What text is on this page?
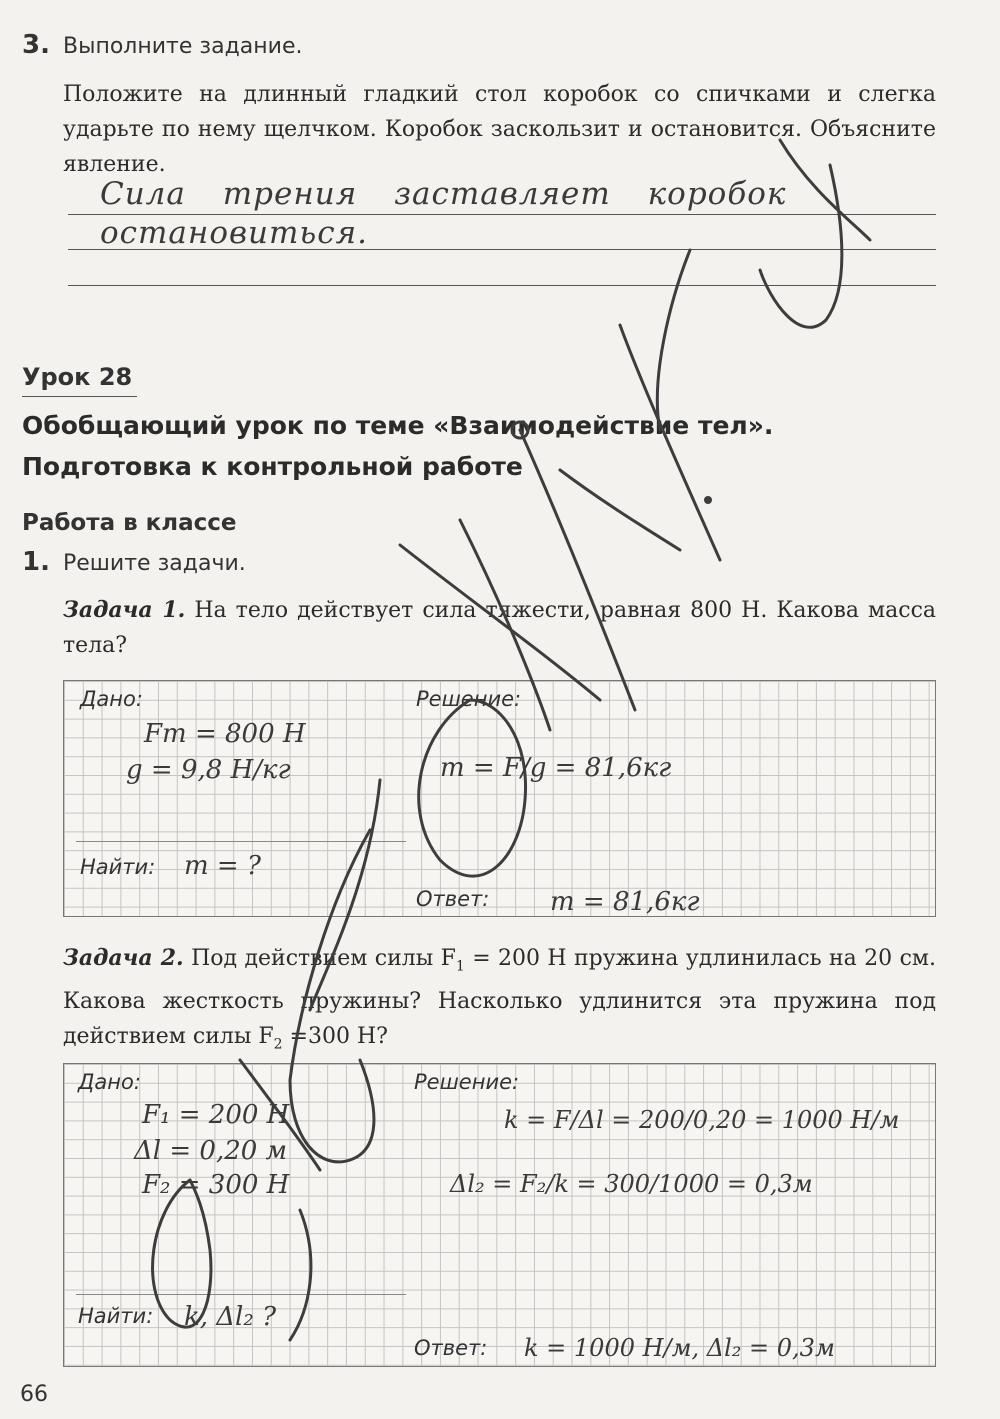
3. Выполните задание.
Положите на длинный гладкий стол коробок со спичками и слегка ударьте по нему щелчком. Коробок заскользит и остановится. Объясните явление.
Сила трения заставляет коробок
остановиться.
Урок 28
Обобщающий урок по теме «Взаимодействие тел».
Подготовка к контрольной работе
Работа в классе
1. Решите задачи.
Задача 1. На тело действует сила тяжести, равная 800 Н. Какова масса тела?
Дано:	Решение:
Найти:
Ответ:
Fт = 800 Н
g = 9,8 Н/кг
m = ?
m = F/g = 81,6кг
m = 81,6кг
Задача 2. Под действием силы $F_1 = 200$ Н пружина удлинилась на 20 см. Какова жесткость пружины? Насколько удлинится эта пружина под действием силы $F_2 =300$ Н?
Дано:	Решение:
Найти:
Ответ:
F₁ = 200 Н
Δl = 0,20 м
F₂ = 300 Н
k, Δl₂ ?
k = F/Δl = 200/0,20 = 1000 Н/м
Δl₂ = F₂/k = 300/1000 = 0,3м
k = 1000 Н/м, Δl₂ = 0,3м
66
